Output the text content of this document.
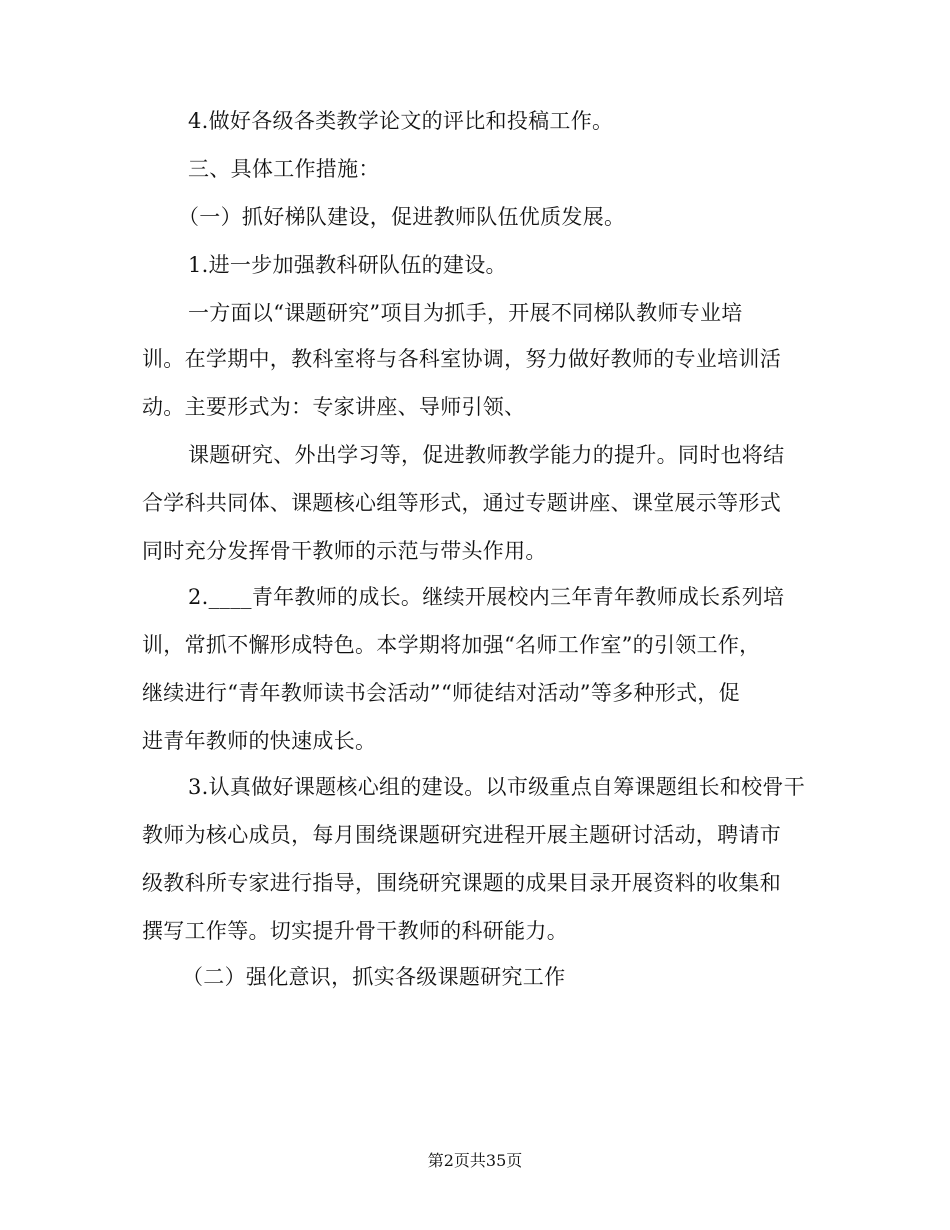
4.做好各级各类教学论文的评比和投稿工作。
三、具体工作措施：
（一）抓好梯队建设，促进教师队伍优质发展。
1.进一步加强教科研队伍的建设。
一方面以“课题研究”项目为抓手，开展不同梯队教师专业培
训。在学期中，教科室将与各科室协调，努力做好教师的专业培训活
动。主要形式为：专家讲座、导师引领、
课题研究、外出学习等，促进教师教学能力的提升。同时也将结
合学科共同体、课题核心组等形式，通过专题讲座、课堂展示等形式
同时充分发挥骨干教师的示范与带头作用。
2.____青年教师的成长。继续开展校内三年青年教师成长系列培
训，常抓不懈形成特色。本学期将加强“名师工作室”的引领工作，
继续进行“青年教师读书会活动”“师徒结对活动”等多种形式，促
进青年教师的快速成长。
3.认真做好课题核心组的建设。以市级重点自筹课题组长和校骨干
教师为核心成员，每月围绕课题研究进程开展主题研讨活动，聘请市
级教科所专家进行指导，围绕研究课题的成果目录开展资料的收集和
撰写工作等。切实提升骨干教师的科研能力。
（二）强化意识，抓实各级课题研究工作
第2页共35页
